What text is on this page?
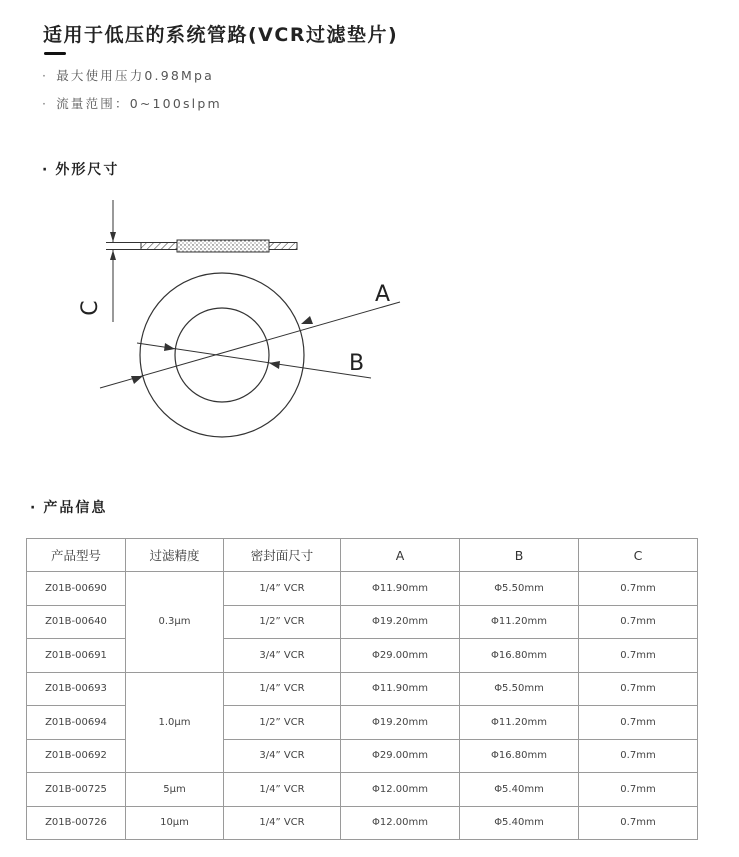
适用于低压的系统管路(VCR过滤垫片)
· 最大使用压力0.98Mpa
· 流量范围：0~100slpm
· 外形尺寸
C
A
B
· 产品信息
产品型号	过滤精度	密封面尺寸	A	B	C
Z01B-00690	0.3μm	1/4” VCR	Φ11.90mm	Φ5.50mm	0.7mm
Z01B-00640		1/2” VCR	Φ19.20mm	Φ11.20mm	0.7mm
Z01B-00691		3/4” VCR	Φ29.00mm	Φ16.80mm	0.7mm
Z01B-00693	1.0μm	1/4” VCR	Φ11.90mm	Φ5.50mm	0.7mm
Z01B-00694		1/2” VCR	Φ19.20mm	Φ11.20mm	0.7mm
Z01B-00692		3/4” VCR	Φ29.00mm	Φ16.80mm	0.7mm
Z01B-00725	5μm	1/4” VCR	Φ12.00mm	Φ5.40mm	0.7mm
Z01B-00726	10μm	1/4” VCR	Φ12.00mm	Φ5.40mm	0.7mm
